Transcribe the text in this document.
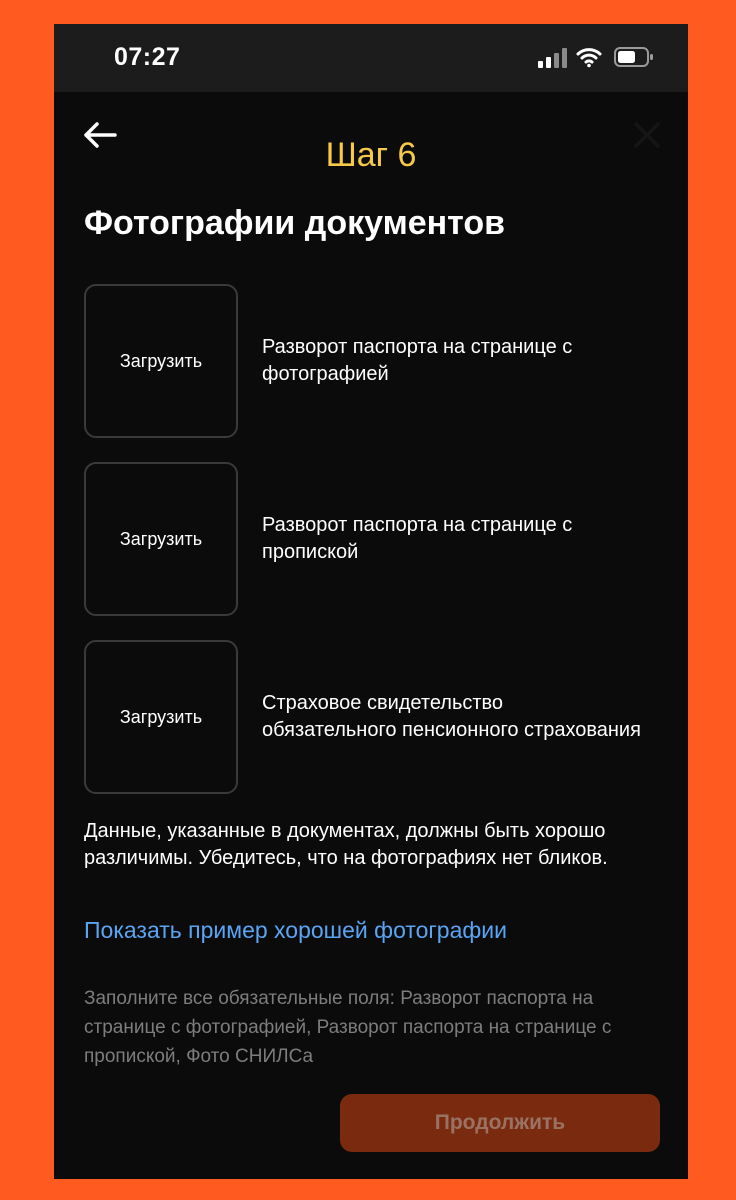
07:27
Шаг 6
Фотографии документов
Загрузить
Разворот паспорта на странице с фотографией
Загрузить
Разворот паспорта на странице с пропиской
Загрузить
Страховое свидетельство обязательного пенсионного страхования
Данные, указанные в документах, должны быть хорошо различимы. Убедитесь, что на фотографиях нет бликов.
Показать пример хорошей фотографии
Заполните все обязательные поля: Разворот паспорта на странице с фотографией, Разворот паспорта на странице с пропиской, Фото СНИЛСа
Продолжить
